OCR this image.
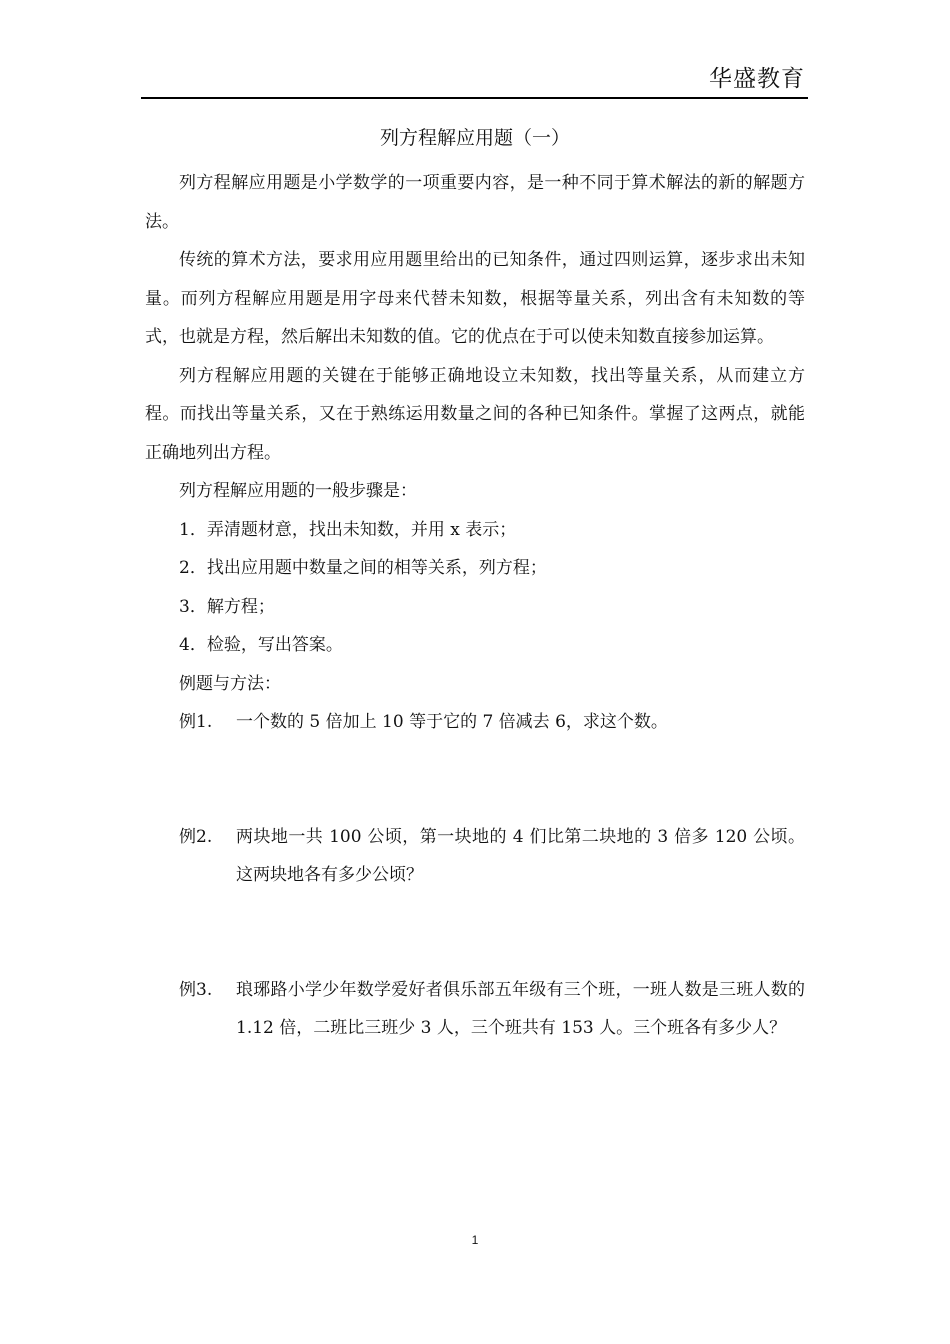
华盛教育
列方程解应用题（一）

列方程解应用题是小学数学的一项重要内容，是一种不同于算术解法的新的解题方法。

传统的算术方法，要求用应用题里给出的已知条件，通过四则运算，逐步求出未知量。而列方程解应用题是用字母来代替未知数，根据等量关系，列出含有未知数的等式，也就是方程，然后解出未知数的值。它的优点在于可以使未知数直接参加运算。

列方程解应用题的关键在于能够正确地设立未知数，找出等量关系，从而建立方程。而找出等量关系，又在于熟练运用数量之间的各种已知条件。掌握了这两点，就能正确地列出方程。

列方程解应用题的一般步骤是：

1．弄清题材意，找出未知数，并用 x 表示；

2．找出应用题中数量之间的相等关系，列方程；

3．解方程；

4．检验，写出答案。

例题与方法：

例1.	一个数的 5 倍加上 10 等于它的 7 倍减去 6，求这个数。
例2.	两块地一共 100 公顷，第一块地的 4 们比第二块地的 3 倍多 120 公顷。这两块地各有多少公顷？
例3.	琅琊路小学少年数学爱好者俱乐部五年级有三个班，一班人数是三班人数的 1.12 倍，二班比三班少 3 人，三个班共有 153 人。三个班各有多少人？
1
